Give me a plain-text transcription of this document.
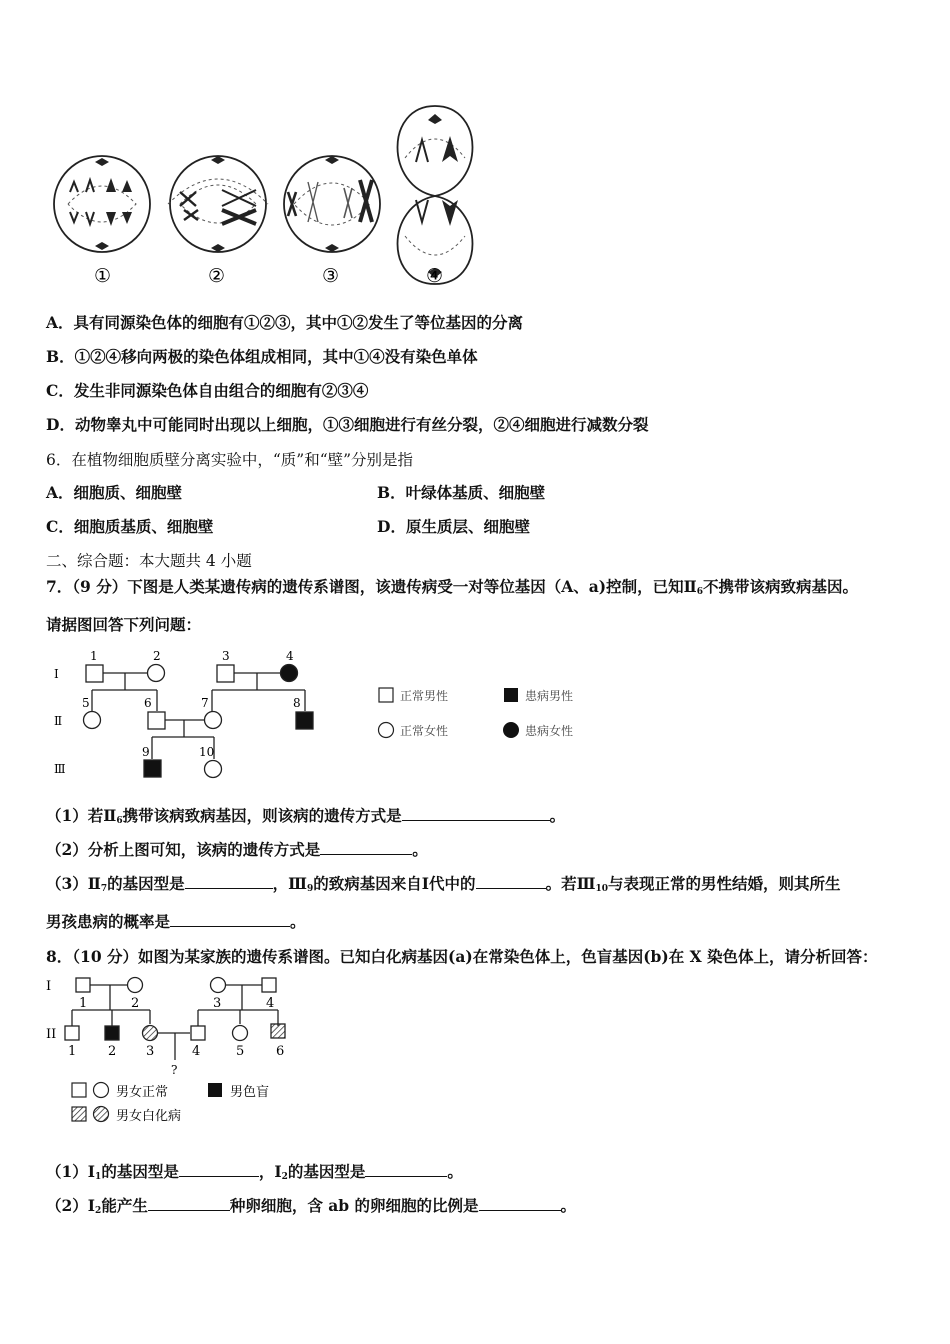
①	②	③	④
A．具有同源染色体的细胞有①②③，其中①②发生了等位基因的分离
B．①②④移向两极的染色体组成相同，其中①④没有染色单体
C．发生非同源染色体自由组合的细胞有②③④
D．动物睾丸中可能同时出现以上细胞，①③细胞进行有丝分裂，②④细胞进行减数分裂
6．在植物细胞质壁分离实验中，“质”和“壁”分别是指
A．细胞质、细胞壁	B．叶绿体基质、细胞壁
C．细胞质基质、细胞壁	D．原生质层、细胞壁
二、综合题：本大题共 4 小题
7．（9 分）下图是人类某遗传病的遗传系谱图，该遗传病受一对等位基因（A、a)控制，已知$Ⅱ_6$不携带该病致病基因。
请据图回答下列问题：
Ⅰ
Ⅱ
Ⅲ
1	2	3	4
5	6	7	8
9	10
正常男性	患病男性
正常女性	患病女性
（1）若$Ⅱ_6$携带该病致病基因，则该病的遗传方式是	。
（2）分析上图可知，该病的遗传方式是	。
$(3)Ⅱ_7$的基因型是	，$Ⅲ_9$的致病基因来自Ⅰ代中的	。若$Ⅲ_{10}$与表现正常的男性结婚，则其所生
男孩患病的概率是	。
8．（10 分）如图为某家族的遗传系谱图。已知白化病基因(a)在常染色体上，色盲基因(b)在 X 染色体上，请分析回答：
I
II
1	2	3	4
1 2 3	4	5 6
?
男女正常	男色盲
男女白化病
$(1)Ⅰ_1$的基因型是	，$Ⅰ_2$的基因型是	。
$(2)Ⅰ_2$能产生	种卵细胞，含 ab 的卵细胞的比例是	。
